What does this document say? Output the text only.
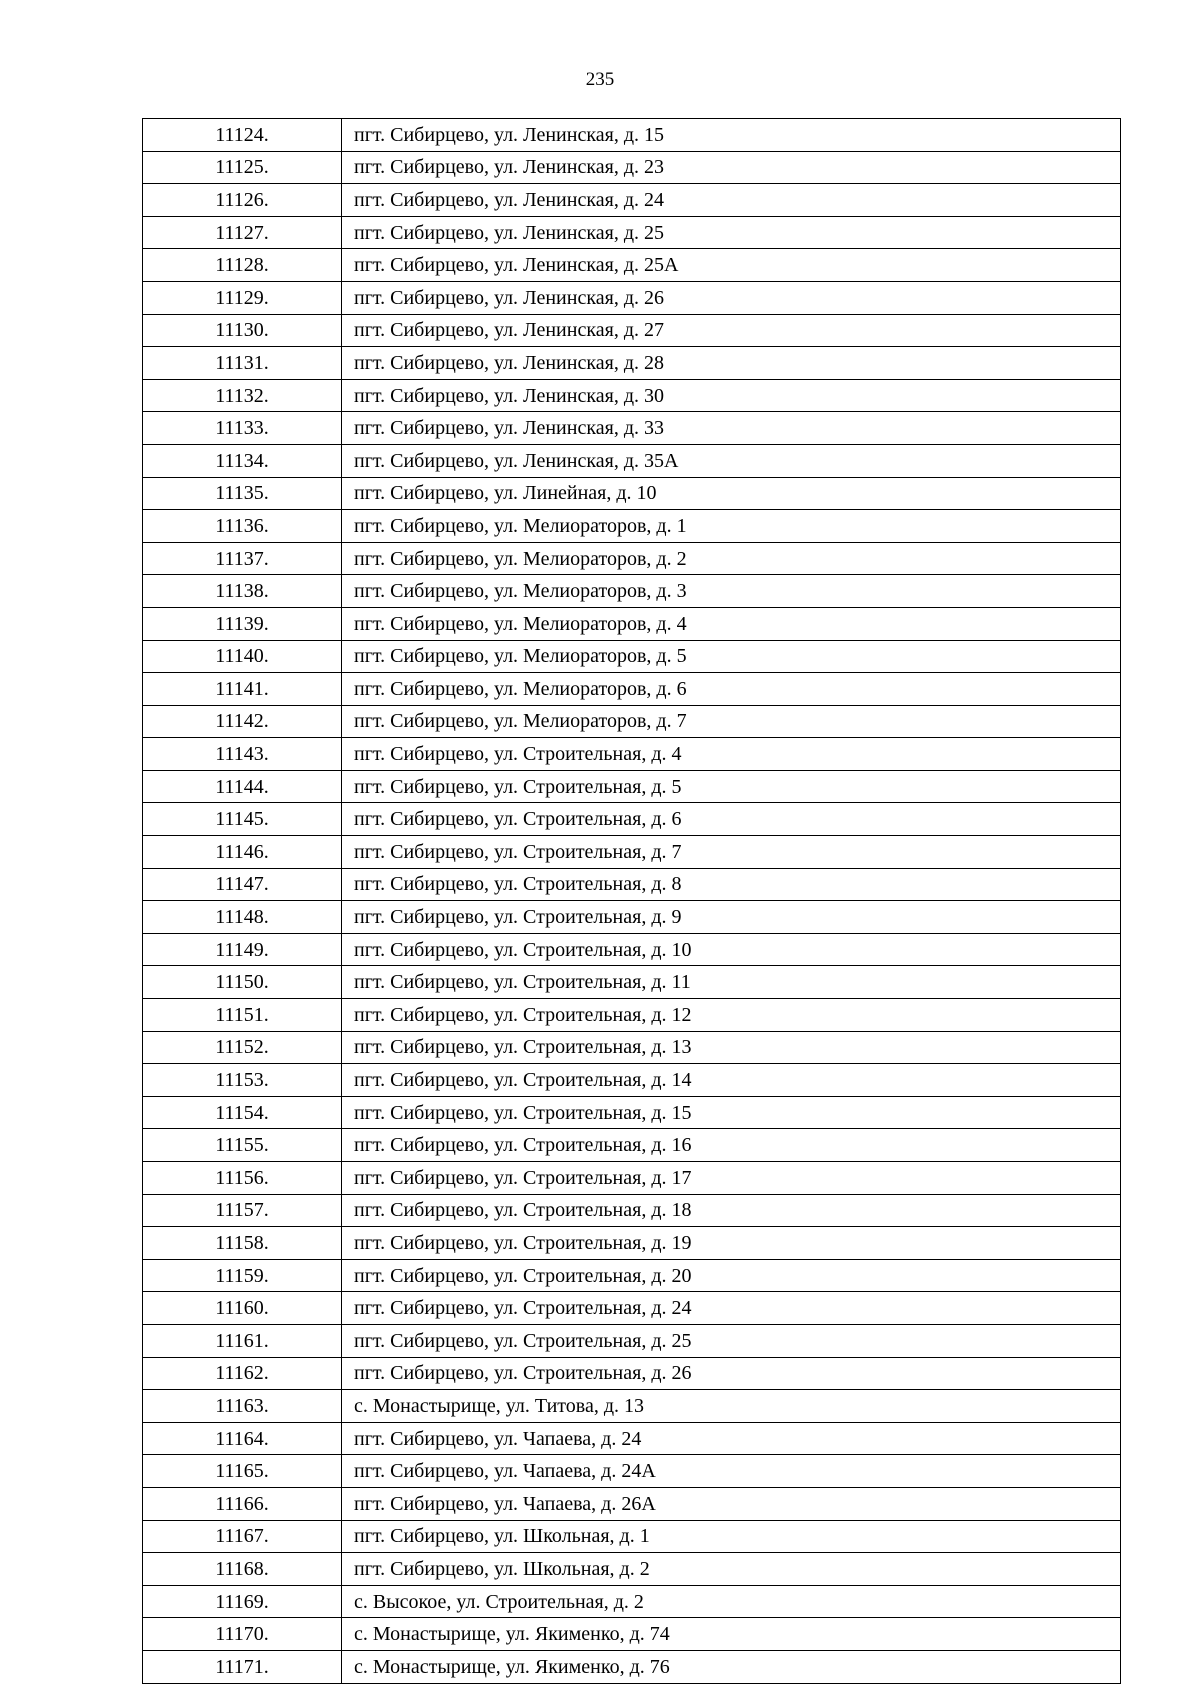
235
11124.	пгт. Сибирцево, ул. Ленинская, д. 15
11125.	пгт. Сибирцево, ул. Ленинская, д. 23
11126.	пгт. Сибирцево, ул. Ленинская, д. 24
11127.	пгт. Сибирцево, ул. Ленинская, д. 25
11128.	пгт. Сибирцево, ул. Ленинская, д. 25А
11129.	пгт. Сибирцево, ул. Ленинская, д. 26
11130.	пгт. Сибирцево, ул. Ленинская, д. 27
11131.	пгт. Сибирцево, ул. Ленинская, д. 28
11132.	пгт. Сибирцево, ул. Ленинская, д. 30
11133.	пгт. Сибирцево, ул. Ленинская, д. 33
11134.	пгт. Сибирцево, ул. Ленинская, д. 35А
11135.	пгт. Сибирцево, ул. Линейная, д. 10
11136.	пгт. Сибирцево, ул. Мелиораторов, д. 1
11137.	пгт. Сибирцево, ул. Мелиораторов, д. 2
11138.	пгт. Сибирцево, ул. Мелиораторов, д. 3
11139.	пгт. Сибирцево, ул. Мелиораторов, д. 4
11140.	пгт. Сибирцево, ул. Мелиораторов, д. 5
11141.	пгт. Сибирцево, ул. Мелиораторов, д. 6
11142.	пгт. Сибирцево, ул. Мелиораторов, д. 7
11143.	пгт. Сибирцево, ул. Строительная, д. 4
11144.	пгт. Сибирцево, ул. Строительная, д. 5
11145.	пгт. Сибирцево, ул. Строительная, д. 6
11146.	пгт. Сибирцево, ул. Строительная, д. 7
11147.	пгт. Сибирцево, ул. Строительная, д. 8
11148.	пгт. Сибирцево, ул. Строительная, д. 9
11149.	пгт. Сибирцево, ул. Строительная, д. 10
11150.	пгт. Сибирцево, ул. Строительная, д. 11
11151.	пгт. Сибирцево, ул. Строительная, д. 12
11152.	пгт. Сибирцево, ул. Строительная, д. 13
11153.	пгт. Сибирцево, ул. Строительная, д. 14
11154.	пгт. Сибирцево, ул. Строительная, д. 15
11155.	пгт. Сибирцево, ул. Строительная, д. 16
11156.	пгт. Сибирцево, ул. Строительная, д. 17
11157.	пгт. Сибирцево, ул. Строительная, д. 18
11158.	пгт. Сибирцево, ул. Строительная, д. 19
11159.	пгт. Сибирцево, ул. Строительная, д. 20
11160.	пгт. Сибирцево, ул. Строительная, д. 24
11161.	пгт. Сибирцево, ул. Строительная, д. 25
11162.	пгт. Сибирцево, ул. Строительная, д. 26
11163.	с. Монастырище, ул. Титова, д. 13
11164.	пгт. Сибирцево, ул. Чапаева, д. 24
11165.	пгт. Сибирцево, ул. Чапаева, д. 24А
11166.	пгт. Сибирцево, ул. Чапаева, д. 26А
11167.	пгт. Сибирцево, ул. Школьная, д. 1
11168.	пгт. Сибирцево, ул. Школьная, д. 2
11169.	с. Высокое, ул. Строительная, д. 2
11170.	с. Монастырище, ул. Якименко, д. 74
11171.	с. Монастырище, ул. Якименко, д. 76
